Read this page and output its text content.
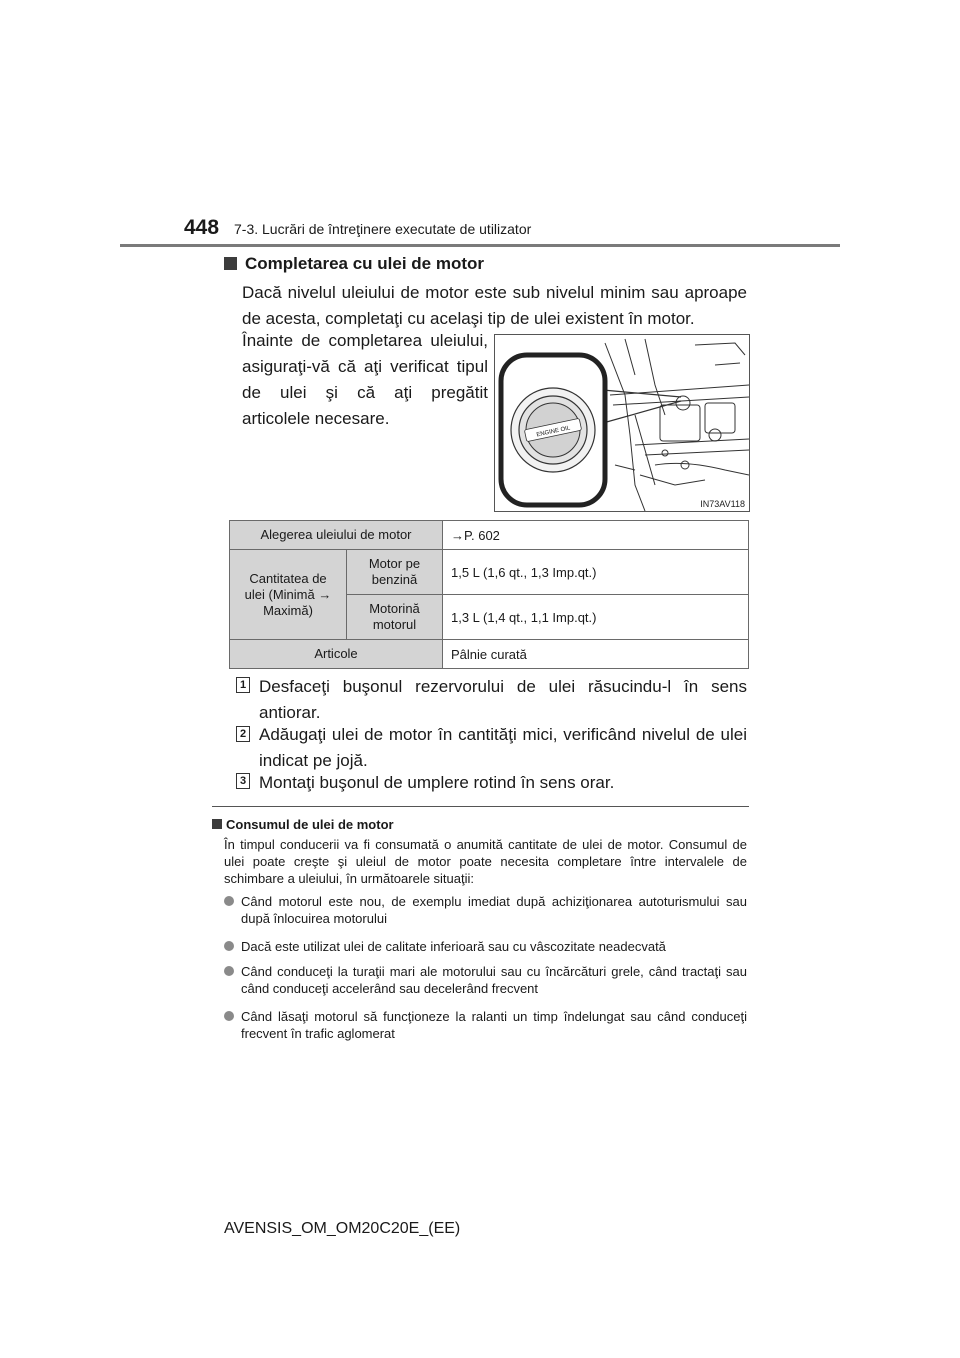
448 7-3. Lucrări de întreţinere executate de utilizator
Completarea cu ulei de motor
Dacă nivelul uleiului de motor este sub nivelul minim sau aproape de acesta, completaţi cu acelaşi tip de ulei existent în motor.
Înainte de completarea uleiului, asiguraţi-vă că aţi verificat tipul de ulei şi că aţi pregătit articolele necesare.
ENGINE OIL
IN73AV118
Alegerea uleiului de motor		→P. 602
Cantitatea de ulei (Minimă → Maximă)	Motor pe benzină	1,5 L (1,6 qt., 1,3 Imp.qt.)
	Motorină motorul	1,3 L (1,4 qt., 1,1 Imp.qt.)
Articole		Pâlnie curată
1 Desfaceţi buşonul rezervorului de ulei răsucindu-l în sens antiorar.
2 Adăugaţi ulei de motor în cantităţi mici, verificând nivelul de ulei indicat pe jojă.
3 Montaţi buşonul de umplere rotind în sens orar.
Consumul de ulei de motor
În timpul conducerii va fi consumată o anumită cantitate de ulei de motor. Consumul de ulei poate creşte şi uleiul de motor poate necesita completare între intervalele de schimbare a uleiului, în următoarele situaţii:
Când motorul este nou, de exemplu imediat după achiziţionarea autoturismului sau după înlocuirea motorului
Dacă este utilizat ulei de calitate inferioară sau cu vâscozitate neadecvată
Când conduceţi la turaţii mari ale motorului sau cu încărcături grele, când tractaţi sau când conduceţi accelerând sau decelerând frecvent
Când lăsaţi motorul să funcţioneze la ralanti un timp îndelungat sau când conduceţi frecvent în trafic aglomerat
AVENSIS_OM_OM20C20E_(EE)
